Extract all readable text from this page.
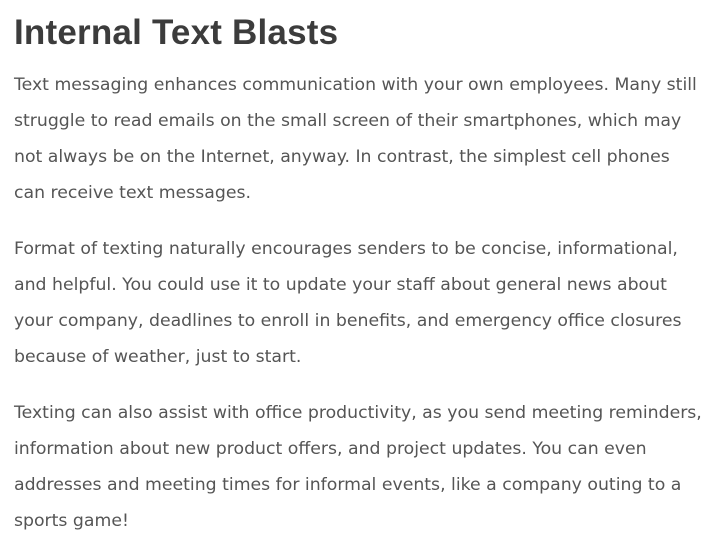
Internal Text Blasts

Text messaging enhances communication with your own employees. Many still struggle to read emails on the small screen of their smartphones, which may not always be on the Internet, anyway. In contrast, the simplest cell phones can receive text messages.

Format of texting naturally encourages senders to be concise, informational, and helpful. You could use it to update your staff about general news about your company, deadlines to enroll in benefits, and emergency office closures because of weather, just to start.

Texting can also assist with office productivity, as you send meeting reminders, information about new product offers, and project updates. You can even addresses and meeting times for informal events, like a company outing to a sports game!
